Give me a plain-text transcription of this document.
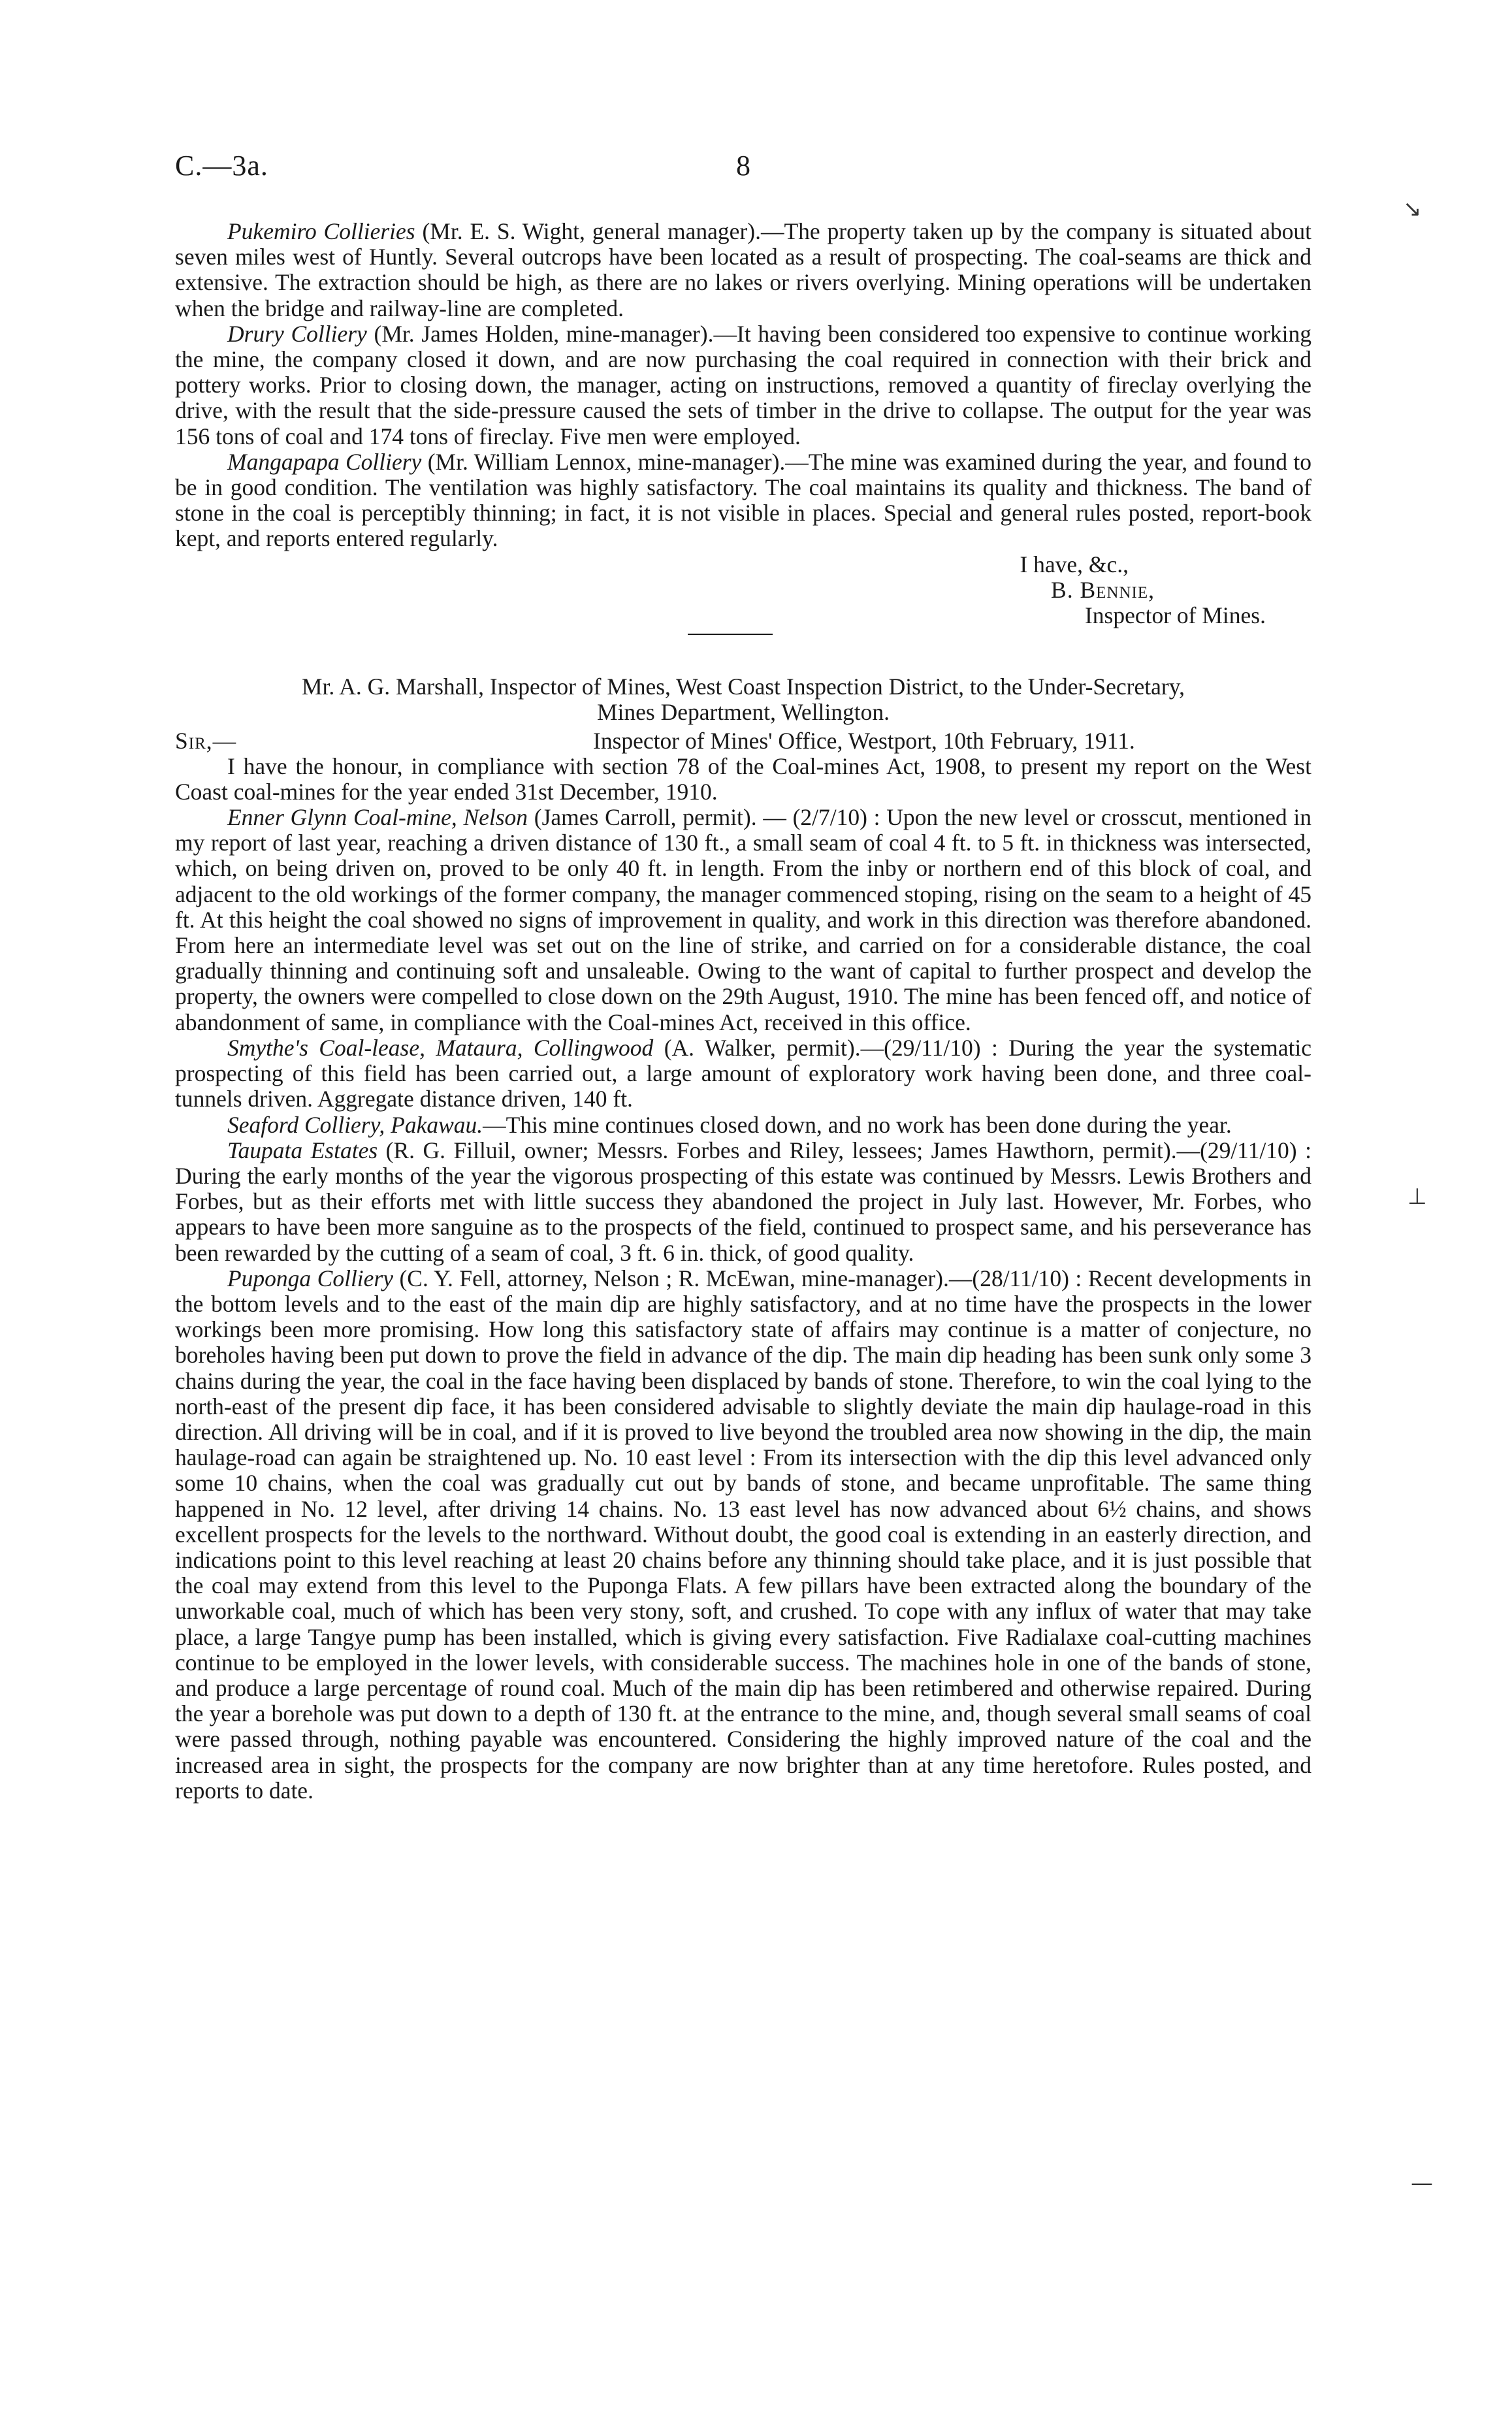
C.—3a.	8
↘
⊥
—

Pukemiro Collieries (Mr. E. S. Wight, general manager).—The property taken up by the company is situated about seven miles west of Huntly. Several outcrops have been located as a result of prospecting. The coal-seams are thick and extensive. The extraction should be high, as there are no lakes or rivers overlying. Mining operations will be undertaken when the bridge and railway-line are completed.

Drury Colliery (Mr. James Holden, mine-manager).—It having been considered too expensive to continue working the mine, the company closed it down, and are now purchasing the coal required in connection with their brick and pottery works. Prior to closing down, the manager, acting on instructions, removed a quantity of fireclay overlying the drive, with the result that the side-pressure caused the sets of timber in the drive to collapse. The output for the year was 156 tons of coal and 174 tons of fireclay. Five men were employed.

Mangapapa Colliery (Mr. William Lennox, mine-manager).—The mine was examined during the year, and found to be in good condition. The ventilation was highly satisfactory. The coal maintains its quality and thickness. The band of stone in the coal is perceptibly thinning; in fact, it is not visible in places. Special and general rules posted, report-book kept, and reports entered regularly.

I have, &c.,
B. Bennie,
Inspector of Mines.

Mr. A. G. Marshall, Inspector of Mines, West Coast Inspection District, to the Under-Secretary,

Mines Department, Wellington.

Sir,—	Inspector of Mines' Office, Westport, 10th February, 1911.

I have the honour, in compliance with section 78 of the Coal-mines Act, 1908, to present my report on the West Coast coal-mines for the year ended 31st December, 1910.

Enner Glynn Coal-mine, Nelson (James Carroll, permit). — (2/7/10) : Upon the new level or crosscut, mentioned in my report of last year, reaching a driven distance of 130 ft., a small seam of coal 4 ft. to 5 ft. in thickness was intersected, which, on being driven on, proved to be only 40 ft. in length. From the inby or northern end of this block of coal, and adjacent to the old workings of the former company, the manager commenced stoping, rising on the seam to a height of 45 ft. At this height the coal showed no signs of improvement in quality, and work in this direction was therefore abandoned. From here an intermediate level was set out on the line of strike, and carried on for a considerable distance, the coal gradually thinning and continuing soft and unsaleable. Owing to the want of capital to further prospect and develop the property, the owners were compelled to close down on the 29th August, 1910. The mine has been fenced off, and notice of abandonment of same, in compliance with the Coal-mines Act, received in this office.

Smythe's Coal-lease, Mataura, Collingwood (A. Walker, permit).—(29/11/10) : During the year the systematic prospecting of this field has been carried out, a large amount of exploratory work having been done, and three coal-tunnels driven. Aggregate distance driven, 140 ft.

Seaford Colliery, Pakawau.—This mine continues closed down, and no work has been done during the year.

Taupata Estates (R. G. Filluil, owner; Messrs. Forbes and Riley, lessees; James Hawthorn, permit).—(29/11/10) : During the early months of the year the vigorous prospecting of this estate was continued by Messrs. Lewis Brothers and Forbes, but as their efforts met with little success they abandoned the project in July last. However, Mr. Forbes, who appears to have been more sanguine as to the prospects of the field, continued to prospect same, and his perseverance has been rewarded by the cutting of a seam of coal, 3 ft. 6 in. thick, of good quality.

Puponga Colliery (C. Y. Fell, attorney, Nelson ; R. McEwan, mine-manager).—(28/11/10) : Recent developments in the bottom levels and to the east of the main dip are highly satisfactory, and at no time have the prospects in the lower workings been more promising. How long this satisfactory state of affairs may continue is a matter of conjecture, no boreholes having been put down to prove the field in advance of the dip. The main dip heading has been sunk only some 3 chains during the year, the coal in the face having been displaced by bands of stone. Therefore, to win the coal lying to the north-east of the present dip face, it has been considered advisable to slightly deviate the main dip haulage-road in this direction. All driving will be in coal, and if it is proved to live beyond the troubled area now showing in the dip, the main haulage-road can again be straightened up. No. 10 east level : From its intersection with the dip this level advanced only some 10 chains, when the coal was gradually cut out by bands of stone, and became unprofitable. The same thing happened in No. 12 level, after driving 14 chains. No. 13 east level has now advanced about 6½ chains, and shows excellent prospects for the levels to the northward. Without doubt, the good coal is extending in an easterly direction, and indications point to this level reaching at least 20 chains before any thinning should take place, and it is just possible that the coal may extend from this level to the Puponga Flats. A few pillars have been extracted along the boundary of the unworkable coal, much of which has been very stony, soft, and crushed. To cope with any influx of water that may take place, a large Tangye pump has been installed, which is giving every satisfaction. Five Radialaxe coal-cutting machines continue to be employed in the lower levels, with considerable success. The machines hole in one of the bands of stone, and produce a large percentage of round coal. Much of the main dip has been retimbered and otherwise repaired. During the year a borehole was put down to a depth of 130 ft. at the entrance to the mine, and, though several small seams of coal were passed through, nothing payable was encountered. Considering the highly improved nature of the coal and the increased area in sight, the prospects for the company are now brighter than at any time heretofore. Rules posted, and reports to date.
